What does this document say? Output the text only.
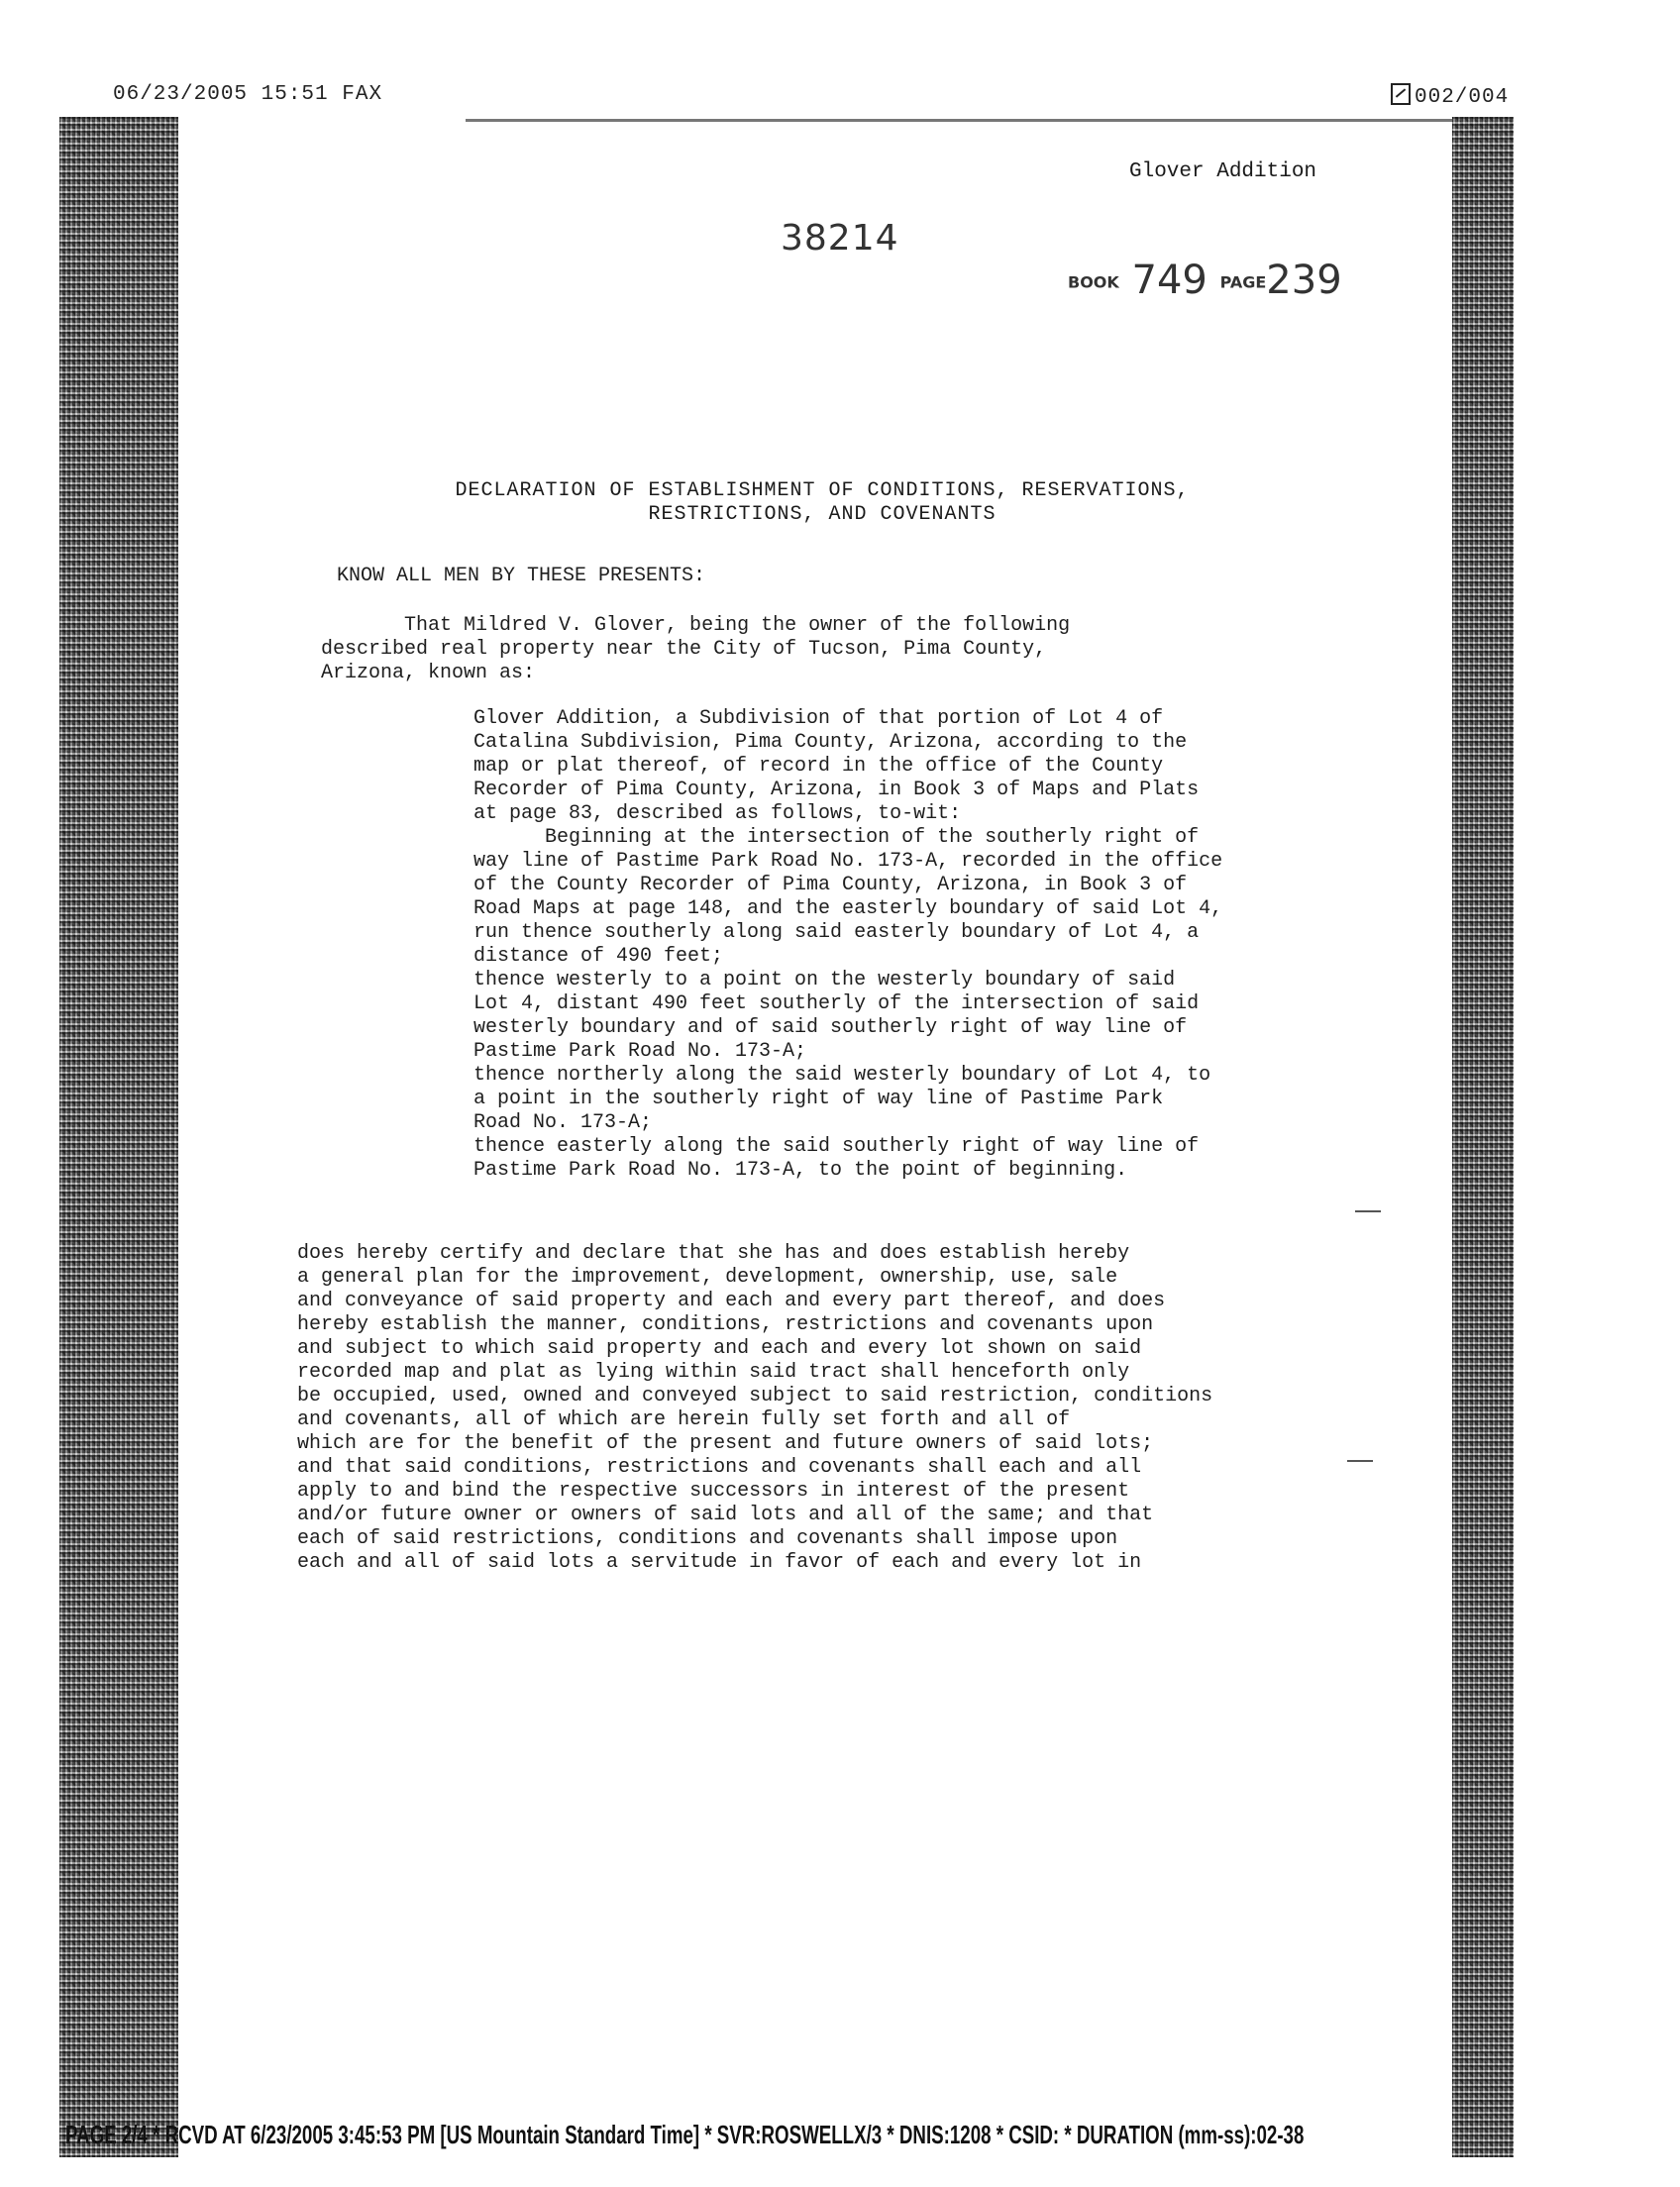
06/23/2005 15:51 FAX	002/004
Glover Addition
38214
BOOK 749 PAGE239
DECLARATION OF ESTABLISHMENT OF CONDITIONS, RESERVATIONS,
RESTRICTIONS, AND COVENANTS
KNOW ALL MEN BY THESE PRESENTS:
That Mildred V. Glover, being the owner of the following
described real property near the City of Tucson, Pima County,
Arizona, known as:
Glover Addition, a Subdivision of that portion of Lot 4 of
Catalina Subdivision, Pima County, Arizona, according to the
map or plat thereof, of record in the office of the County
Recorder of Pima County, Arizona, in Book 3 of Maps and Plats
at page 83, described as follows, to-wit:
Beginning at the intersection of the southerly right of
way line of Pastime Park Road No. 173-A, recorded in the office
of the County Recorder of Pima County, Arizona, in Book 3 of
Road Maps at page 148, and the easterly boundary of said Lot 4,
run thence southerly along said easterly boundary of Lot 4, a
distance of 490 feet;
thence westerly to a point on the westerly boundary of said
Lot 4, distant 490 feet southerly of the intersection of said
westerly boundary and of said southerly right of way line of
Pastime Park Road No. 173-A;
thence northerly along the said westerly boundary of Lot 4, to
a point in the southerly right of way line of Pastime Park
Road No. 173-A;
thence easterly along the said southerly right of way line of
Pastime Park Road No. 173-A, to the point of beginning.
does hereby certify and declare that she has and does establish hereby
a general plan for the improvement, development, ownership, use, sale
and conveyance of said property and each and every part thereof, and does
hereby establish the manner, conditions, restrictions and covenants upon
and subject to which said property and each and every lot shown on said
recorded map and plat as lying within said tract shall henceforth only
be occupied, used, owned and conveyed subject to said restriction, conditions
and covenants, all of which are herein fully set forth and all of
which are for the benefit of the present and future owners of said lots;
and that said conditions, restrictions and covenants shall each and all
apply to and bind the respective successors in interest of the present
and/or future owner or owners of said lots and all of the same; and that
each of said restrictions, conditions and covenants shall impose upon
each and all of said lots a servitude in favor of each and every lot in
PAGE 2/4 * RCVD AT 6/23/2005 3:45:53 PM [US Mountain Standard Time] * SVR:ROSWELLX/3 * DNIS:1208 * CSID: * DURATION (mm-ss):02-38
